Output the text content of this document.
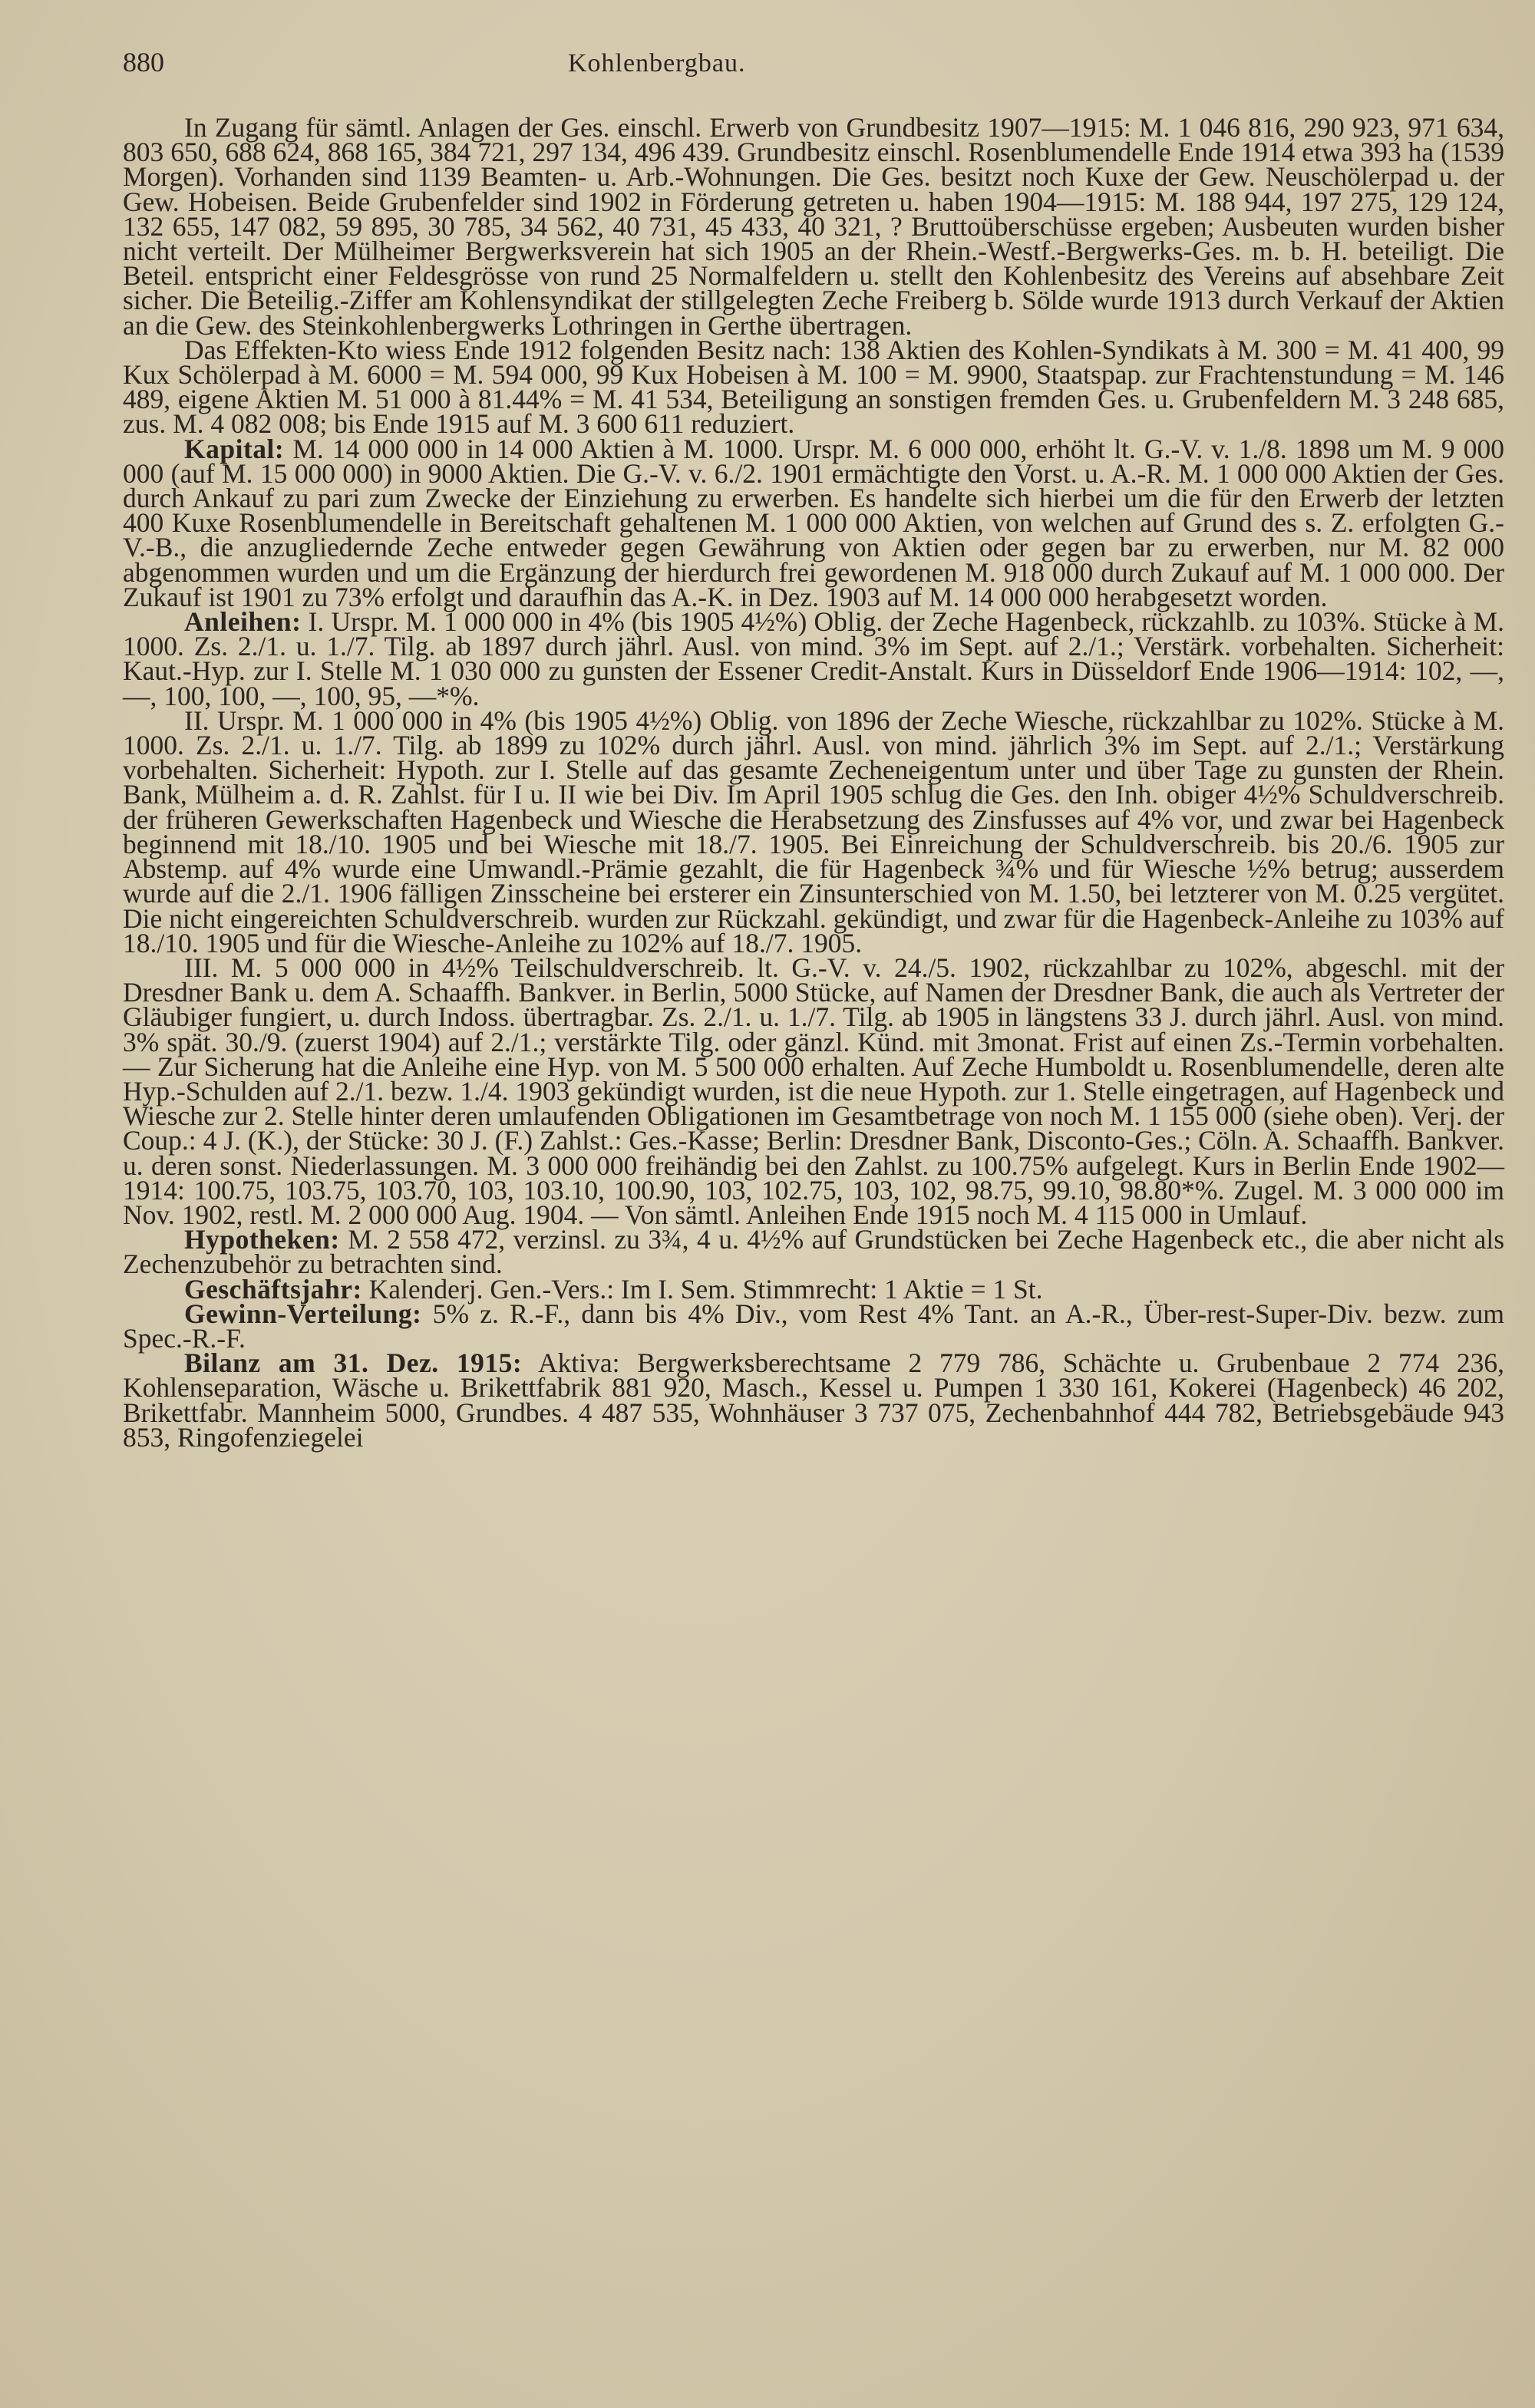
880	Kohlenbergbau.

In Zugang für sämtl. Anlagen der Ges. einschl. Erwerb von Grundbesitz 1907—1915: M. 1 046 816, 290 923, 971 634, 803 650, 688 624, 868 165, 384 721, 297 134, 496 439. Grundbesitz einschl. Rosenblumendelle Ende 1914 etwa 393 ha (1539 Morgen). Vorhanden sind 1139 Beamten- u. Arb.-Wohnungen. Die Ges. besitzt noch Kuxe der Gew. Neuschölerpad u. der Gew. Hobeisen. Beide Grubenfelder sind 1902 in Förderung getreten u. haben 1904—1915: M. 188 944, 197 275, 129 124, 132 655, 147 082, 59 895, 30 785, 34 562, 40 731, 45 433, 40 321, ? Bruttoüberschüsse ergeben; Ausbeuten wurden bisher nicht verteilt. Der Mülheimer Bergwerksverein hat sich 1905 an der Rhein.-Westf.-Bergwerks-Ges. m. b. H. beteiligt. Die Beteil. entspricht einer Feldesgrösse von rund 25 Normalfeldern u. stellt den Kohlenbesitz des Vereins auf absehbare Zeit sicher. Die Beteilig.-Ziffer am Kohlensyndikat der stillgelegten Zeche Freiberg b. Sölde wurde 1913 durch Verkauf der Aktien an die Gew. des Steinkohlenbergwerks Lothringen in Gerthe übertragen.

Das Effekten-Kto wiess Ende 1912 folgenden Besitz nach: 138 Aktien des Kohlen-Syndikats à M. 300 = M. 41 400, 99 Kux Schölerpad à M. 6000 = M. 594 000, 99 Kux Hobeisen à M. 100 = M. 9900, Staatspap. zur Frachtenstundung = M. 146 489, eigene Aktien M. 51 000 à 81.44% = M. 41 534, Beteiligung an sonstigen fremden Ges. u. Grubenfeldern M. 3 248 685, zus. M. 4 082 008; bis Ende 1915 auf M. 3 600 611 reduziert.

Kapital: M. 14 000 000 in 14 000 Aktien à M. 1000. Urspr. M. 6 000 000, erhöht lt. G.-V. v. 1./8. 1898 um M. 9 000 000 (auf M. 15 000 000) in 9000 Aktien. Die G.-V. v. 6./2. 1901 ermächtigte den Vorst. u. A.-R. M. 1 000 000 Aktien der Ges. durch Ankauf zu pari zum Zwecke der Einziehung zu erwerben. Es handelte sich hierbei um die für den Erwerb der letzten 400 Kuxe Rosenblumendelle in Bereitschaft gehaltenen M. 1 000 000 Aktien, von welchen auf Grund des s. Z. erfolgten G.-V.-B., die anzugliedernde Zeche entweder gegen Gewährung von Aktien oder gegen bar zu erwerben, nur M. 82 000 abgenommen wurden und um die Ergänzung der hierdurch frei gewordenen M. 918 000 durch Zukauf auf M. 1 000 000. Der Zukauf ist 1901 zu 73% erfolgt und daraufhin das A.-K. in Dez. 1903 auf M. 14 000 000 herabgesetzt worden.

Anleihen: I. Urspr. M. 1 000 000 in 4% (bis 1905 4½%) Oblig. der Zeche Hagenbeck, rückzahlb. zu 103%. Stücke à M. 1000. Zs. 2./1. u. 1./7. Tilg. ab 1897 durch jährl. Ausl. von mind. 3% im Sept. auf 2./1.; Verstärk. vorbehalten. Sicherheit: Kaut.-Hyp. zur I. Stelle M. 1 030 000 zu gunsten der Essener Credit-Anstalt. Kurs in Düsseldorf Ende 1906—1914: 102, —, —, 100, 100, —, 100, 95, —*%.

II. Urspr. M. 1 000 000 in 4% (bis 1905 4½%) Oblig. von 1896 der Zeche Wiesche, rückzahlbar zu 102%. Stücke à M. 1000. Zs. 2./1. u. 1./7. Tilg. ab 1899 zu 102% durch jährl. Ausl. von mind. jährlich 3% im Sept. auf 2./1.; Verstärkung vorbehalten. Sicherheit: Hypoth. zur I. Stelle auf das gesamte Zecheneigentum unter und über Tage zu gunsten der Rhein. Bank, Mülheim a. d. R. Zahlst. für I u. II wie bei Div. Im April 1905 schlug die Ges. den Inh. obiger 4½% Schuldverschreib. der früheren Gewerkschaften Hagenbeck und Wiesche die Herabsetzung des Zinsfusses auf 4% vor, und zwar bei Hagenbeck beginnend mit 18./10. 1905 und bei Wiesche mit 18./7. 1905. Bei Einreichung der Schuldverschreib. bis 20./6. 1905 zur Abstemp. auf 4% wurde eine Umwandl.-Prämie gezahlt, die für Hagenbeck ¾% und für Wiesche ½% betrug; ausserdem wurde auf die 2./1. 1906 fälligen Zinsscheine bei ersterer ein Zinsunterschied von M. 1.50, bei letzterer von M. 0.25 vergütet. Die nicht eingereichten Schuldverschreib. wurden zur Rückzahl. gekündigt, und zwar für die Hagenbeck-Anleihe zu 103% auf 18./10. 1905 und für die Wiesche-Anleihe zu 102% auf 18./7. 1905.

III. M. 5 000 000 in 4½% Teilschuldverschreib. lt. G.-V. v. 24./5. 1902, rückzahlbar zu 102%, abgeschl. mit der Dresdner Bank u. dem A. Schaaffh. Bankver. in Berlin, 5000 Stücke, auf Namen der Dresdner Bank, die auch als Vertreter der Gläubiger fungiert, u. durch Indoss. übertragbar. Zs. 2./1. u. 1./7. Tilg. ab 1905 in längstens 33 J. durch jährl. Ausl. von mind. 3% spät. 30./9. (zuerst 1904) auf 2./1.; verstärkte Tilg. oder gänzl. Künd. mit 3monat. Frist auf einen Zs.-Termin vorbehalten. — Zur Sicherung hat die Anleihe eine Hyp. von M. 5 500 000 erhalten. Auf Zeche Humboldt u. Rosenblumendelle, deren alte Hyp.-Schulden auf 2./1. bezw. 1./4. 1903 gekündigt wurden, ist die neue Hypoth. zur 1. Stelle eingetragen, auf Hagenbeck und Wiesche zur 2. Stelle hinter deren umlaufenden Obligationen im Gesamtbetrage von noch M. 1 155 000 (siehe oben). Verj. der Coup.: 4 J. (K.), der Stücke: 30 J. (F.) Zahlst.: Ges.-Kasse; Berlin: Dresdner Bank, Disconto-Ges.; Cöln. A. Schaaffh. Bankver. u. deren sonst. Niederlassungen. M. 3 000 000 freihändig bei den Zahlst. zu 100.75% aufgelegt. Kurs in Berlin Ende 1902—1914: 100.75, 103.75, 103.70, 103, 103.10, 100.90, 103, 102.75, 103, 102, 98.75, 99.10, 98.80*%. Zugel. M. 3 000 000 im Nov. 1902, restl. M. 2 000 000 Aug. 1904. — Von sämtl. Anleihen Ende 1915 noch M. 4 115 000 in Umlauf.

Hypotheken: M. 2 558 472, verzinsl. zu 3¾, 4 u. 4½% auf Grundstücken bei Zeche Hagenbeck etc., die aber nicht als Zechenzubehör zu betrachten sind.

Geschäftsjahr: Kalenderj. Gen.-Vers.: Im I. Sem. Stimmrecht: 1 Aktie = 1 St.

Gewinn-Verteilung: 5% z. R.-F., dann bis 4% Div., vom Rest 4% Tant. an A.-R., Über-rest-Super-Div. bezw. zum Spec.-R.-F.

Bilanz am 31. Dez. 1915: Aktiva: Bergwerksberechtsame 2 779 786, Schächte u. Grubenbaue 2 774 236, Kohlenseparation, Wäsche u. Brikettfabrik 881 920, Masch., Kessel u. Pumpen 1 330 161, Kokerei (Hagenbeck) 46 202, Brikettfabr. Mannheim 5000, Grundbes. 4 487 535, Wohnhäuser 3 737 075, Zechenbahnhof 444 782, Betriebsgebäude 943 853, Ringofenziegelei
